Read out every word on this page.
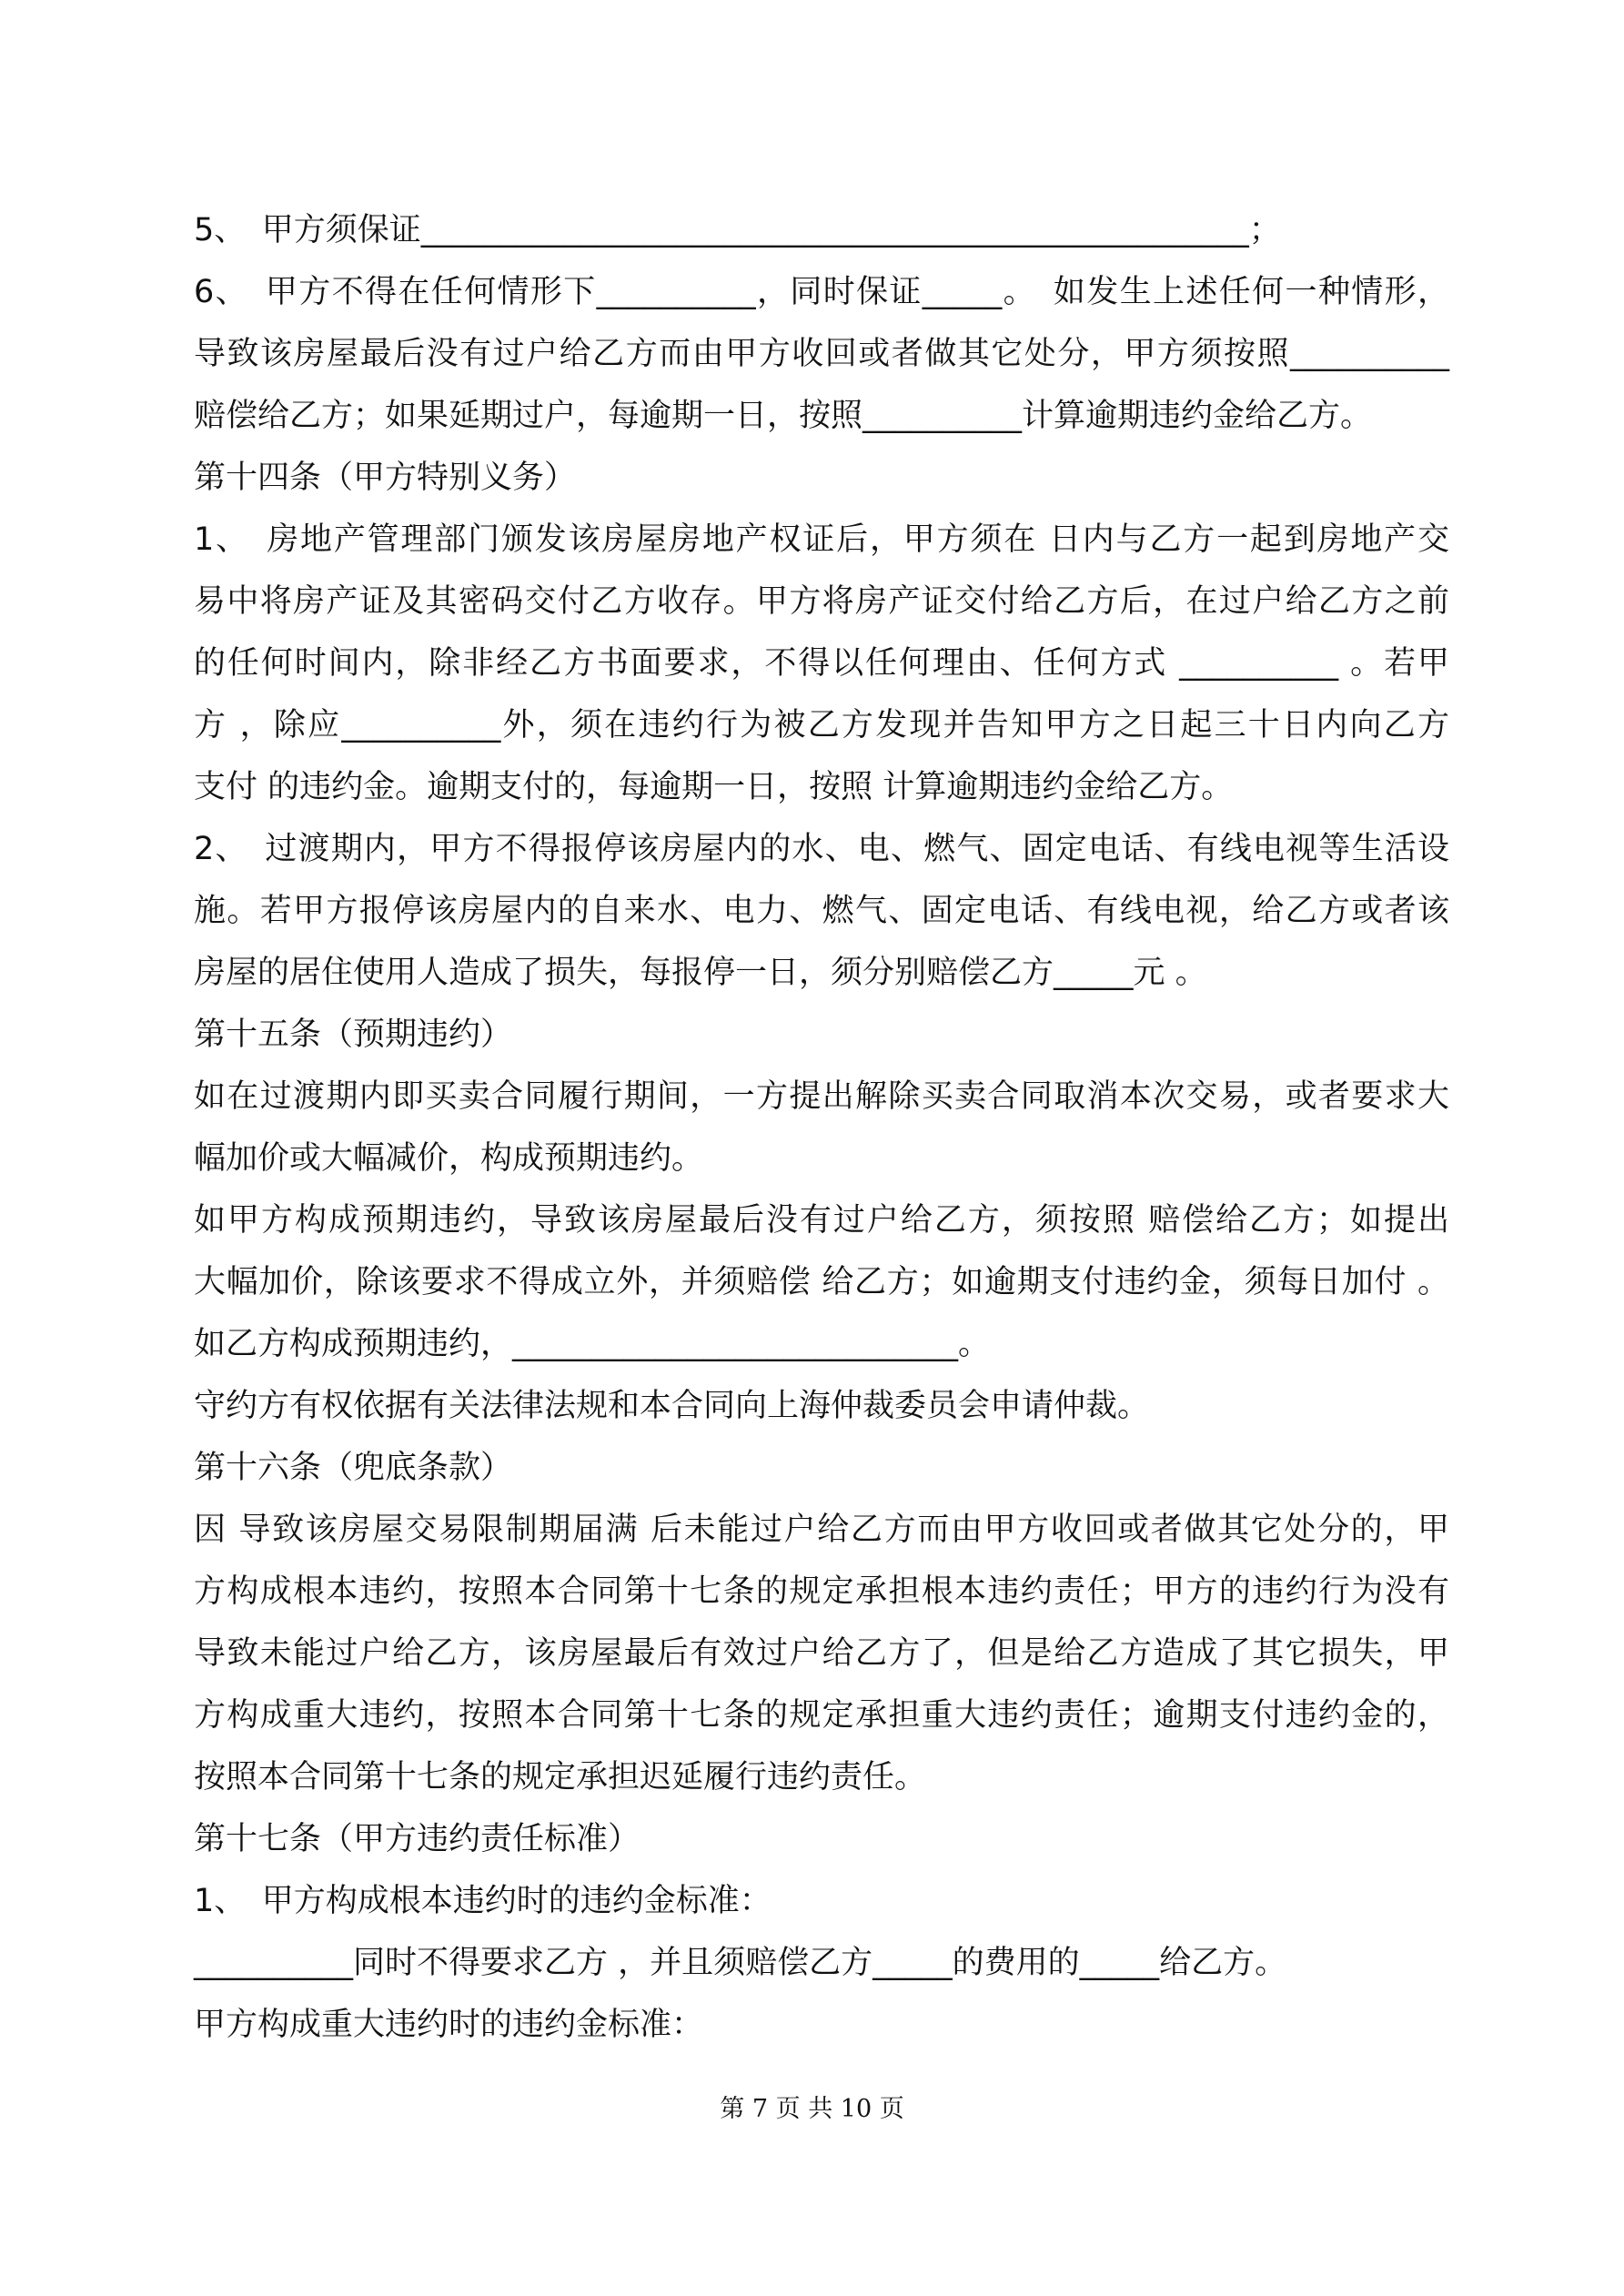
5、　甲方须保证____________________________________________________；
6、　甲方不得在任何情形下__________，同时保证_____。　如发生上述任何一种情形，
导致该房屋最后没有过户给乙方而由甲方收回或者做其它处分，甲方须按照__________
赔偿给乙方；如果延期过户，每逾期一日，按照__________计算逾期违约金给乙方。
第十四条（甲方特别义务）
1、　房地产管理部门颁发该房屋房地产权证后，甲方须在 日内与乙方一起到房地产交
易中将房产证及其密码交付乙方收存。甲方将房产证交付给乙方后，在过户给乙方之前
的任何时间内，除非经乙方书面要求，不得以任何理由、任何方式 __________ 。若甲
方 ，除应__________外，须在违约行为被乙方发现并告知甲方之日起三十日内向乙方
支付 的违约金。逾期支付的，每逾期一日，按照 计算逾期违约金给乙方。
2、　过渡期内，甲方不得报停该房屋内的水、电、燃气、固定电话、有线电视等生活设
施。若甲方报停该房屋内的自来水、电力、燃气、固定电话、有线电视，给乙方或者该
房屋的居住使用人造成了损失，每报停一日，须分别赔偿乙方_____元 。
第十五条（预期违约）
如在过渡期内即买卖合同履行期间，一方提出解除买卖合同取消本次交易，或者要求大
幅加价或大幅减价，构成预期违约。
如甲方构成预期违约，导致该房屋最后没有过户给乙方，须按照 赔偿给乙方；如提出
大幅加价，除该要求不得成立外，并须赔偿 给乙方；如逾期支付违约金，须每日加付 。
如乙方构成预期违约，____________________________。
守约方有权依据有关法律法规和本合同向上海仲裁委员会申请仲裁。
第十六条（兜底条款）
因 导致该房屋交易限制期届满 后未能过户给乙方而由甲方收回或者做其它处分的，甲
方构成根本违约，按照本合同第十七条的规定承担根本违约责任；甲方的违约行为没有
导致未能过户给乙方，该房屋最后有效过户给乙方了，但是给乙方造成了其它损失，甲
方构成重大违约，按照本合同第十七条的规定承担重大违约责任；逾期支付违约金的，
按照本合同第十七条的规定承担迟延履行违约责任。
第十七条（甲方违约责任标准）
1、　甲方构成根本违约时的违约金标准：
__________同时不得要求乙方 ，并且须赔偿乙方_____的费用的_____给乙方。
甲方构成重大违约时的违约金标准：
第 7 页 共 10 页
